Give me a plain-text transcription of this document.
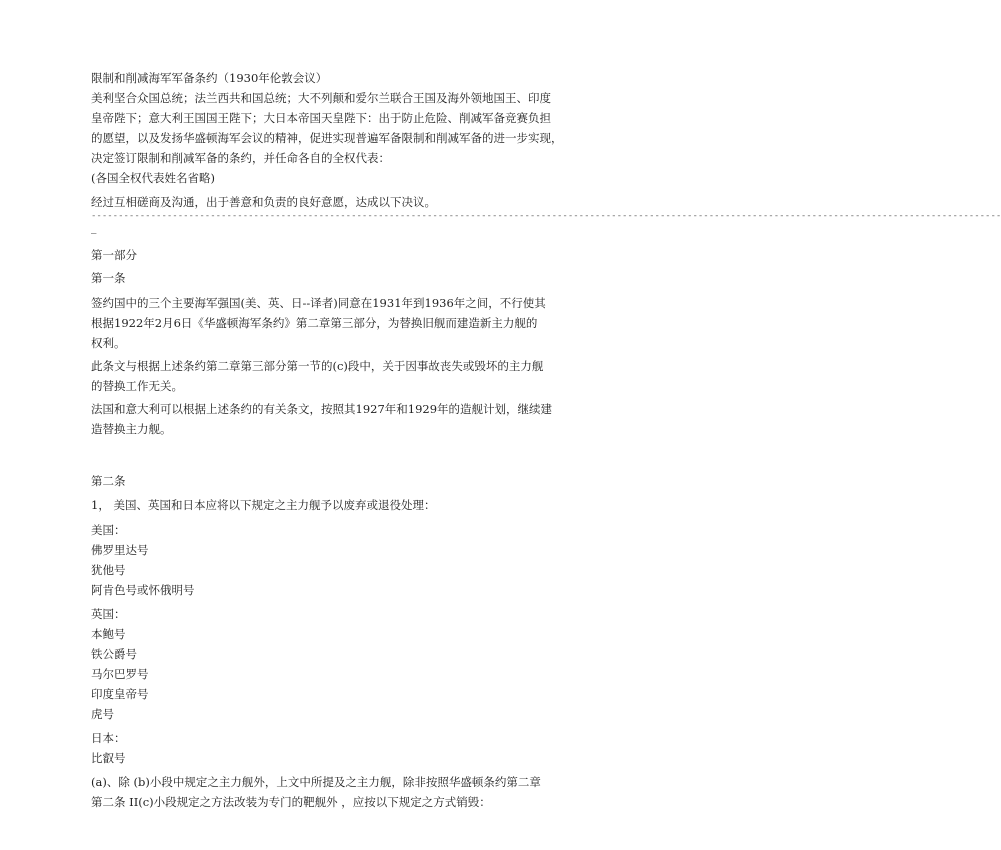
限制和削减海军军备条约（1930年伦敦会议）

美利坚合众国总统；法兰西共和国总统；大不列颠和爱尔兰联合王国及海外领地国王、印度

皇帝陛下；意大利王国国王陛下；大日本帝国天皇陛下：出于防止危险、削减军备竞赛负担

的愿望，以及发扬华盛顿海军会议的精神，促进实现普遍军备限制和削减军备的进一步实现，

决定签订限制和削减军备的条约，并任命各自的全权代表：

(各国全权代表姓名省略)

经过互相磋商及沟通，出于善意和负责的良好意愿，达成以下决议。

------------------------------------------------------------------------------------------------------------------------------------------------------------------------
–

第一部分

第一条

签约国中的三个主要海军强国(美、英、日--译者)同意在1931年到1936年之间，不行使其

根据1922年2月6日《华盛顿海军条约》第二章第三部分，为替换旧舰而建造新主力舰的

权利。

此条文与根据上述条约第二章第三部分第一节的(c)段中，关于因事故丧失或毁坏的主力舰

的替换工作无关。

法国和意大利可以根据上述条约的有关条文，按照其1927年和1929年的造舰计划，继续建

造替换主力舰。

第二条

1， 美国、英国和日本应将以下规定之主力舰予以废弃或退役处理：

美国：

佛罗里达号

犹他号

阿肯色号或怀俄明号

英国：

本鲍号

铁公爵号

马尔巴罗号

印度皇帝号

虎号

日本：

比叡号

(a)、除 (b)小段中规定之主力舰外，上文中所提及之主力舰，除非按照华盛顿条约第二章

第二条 II(c)小段规定之方法改装为专门的靶舰外 ，应按以下规定之方式销毁：
